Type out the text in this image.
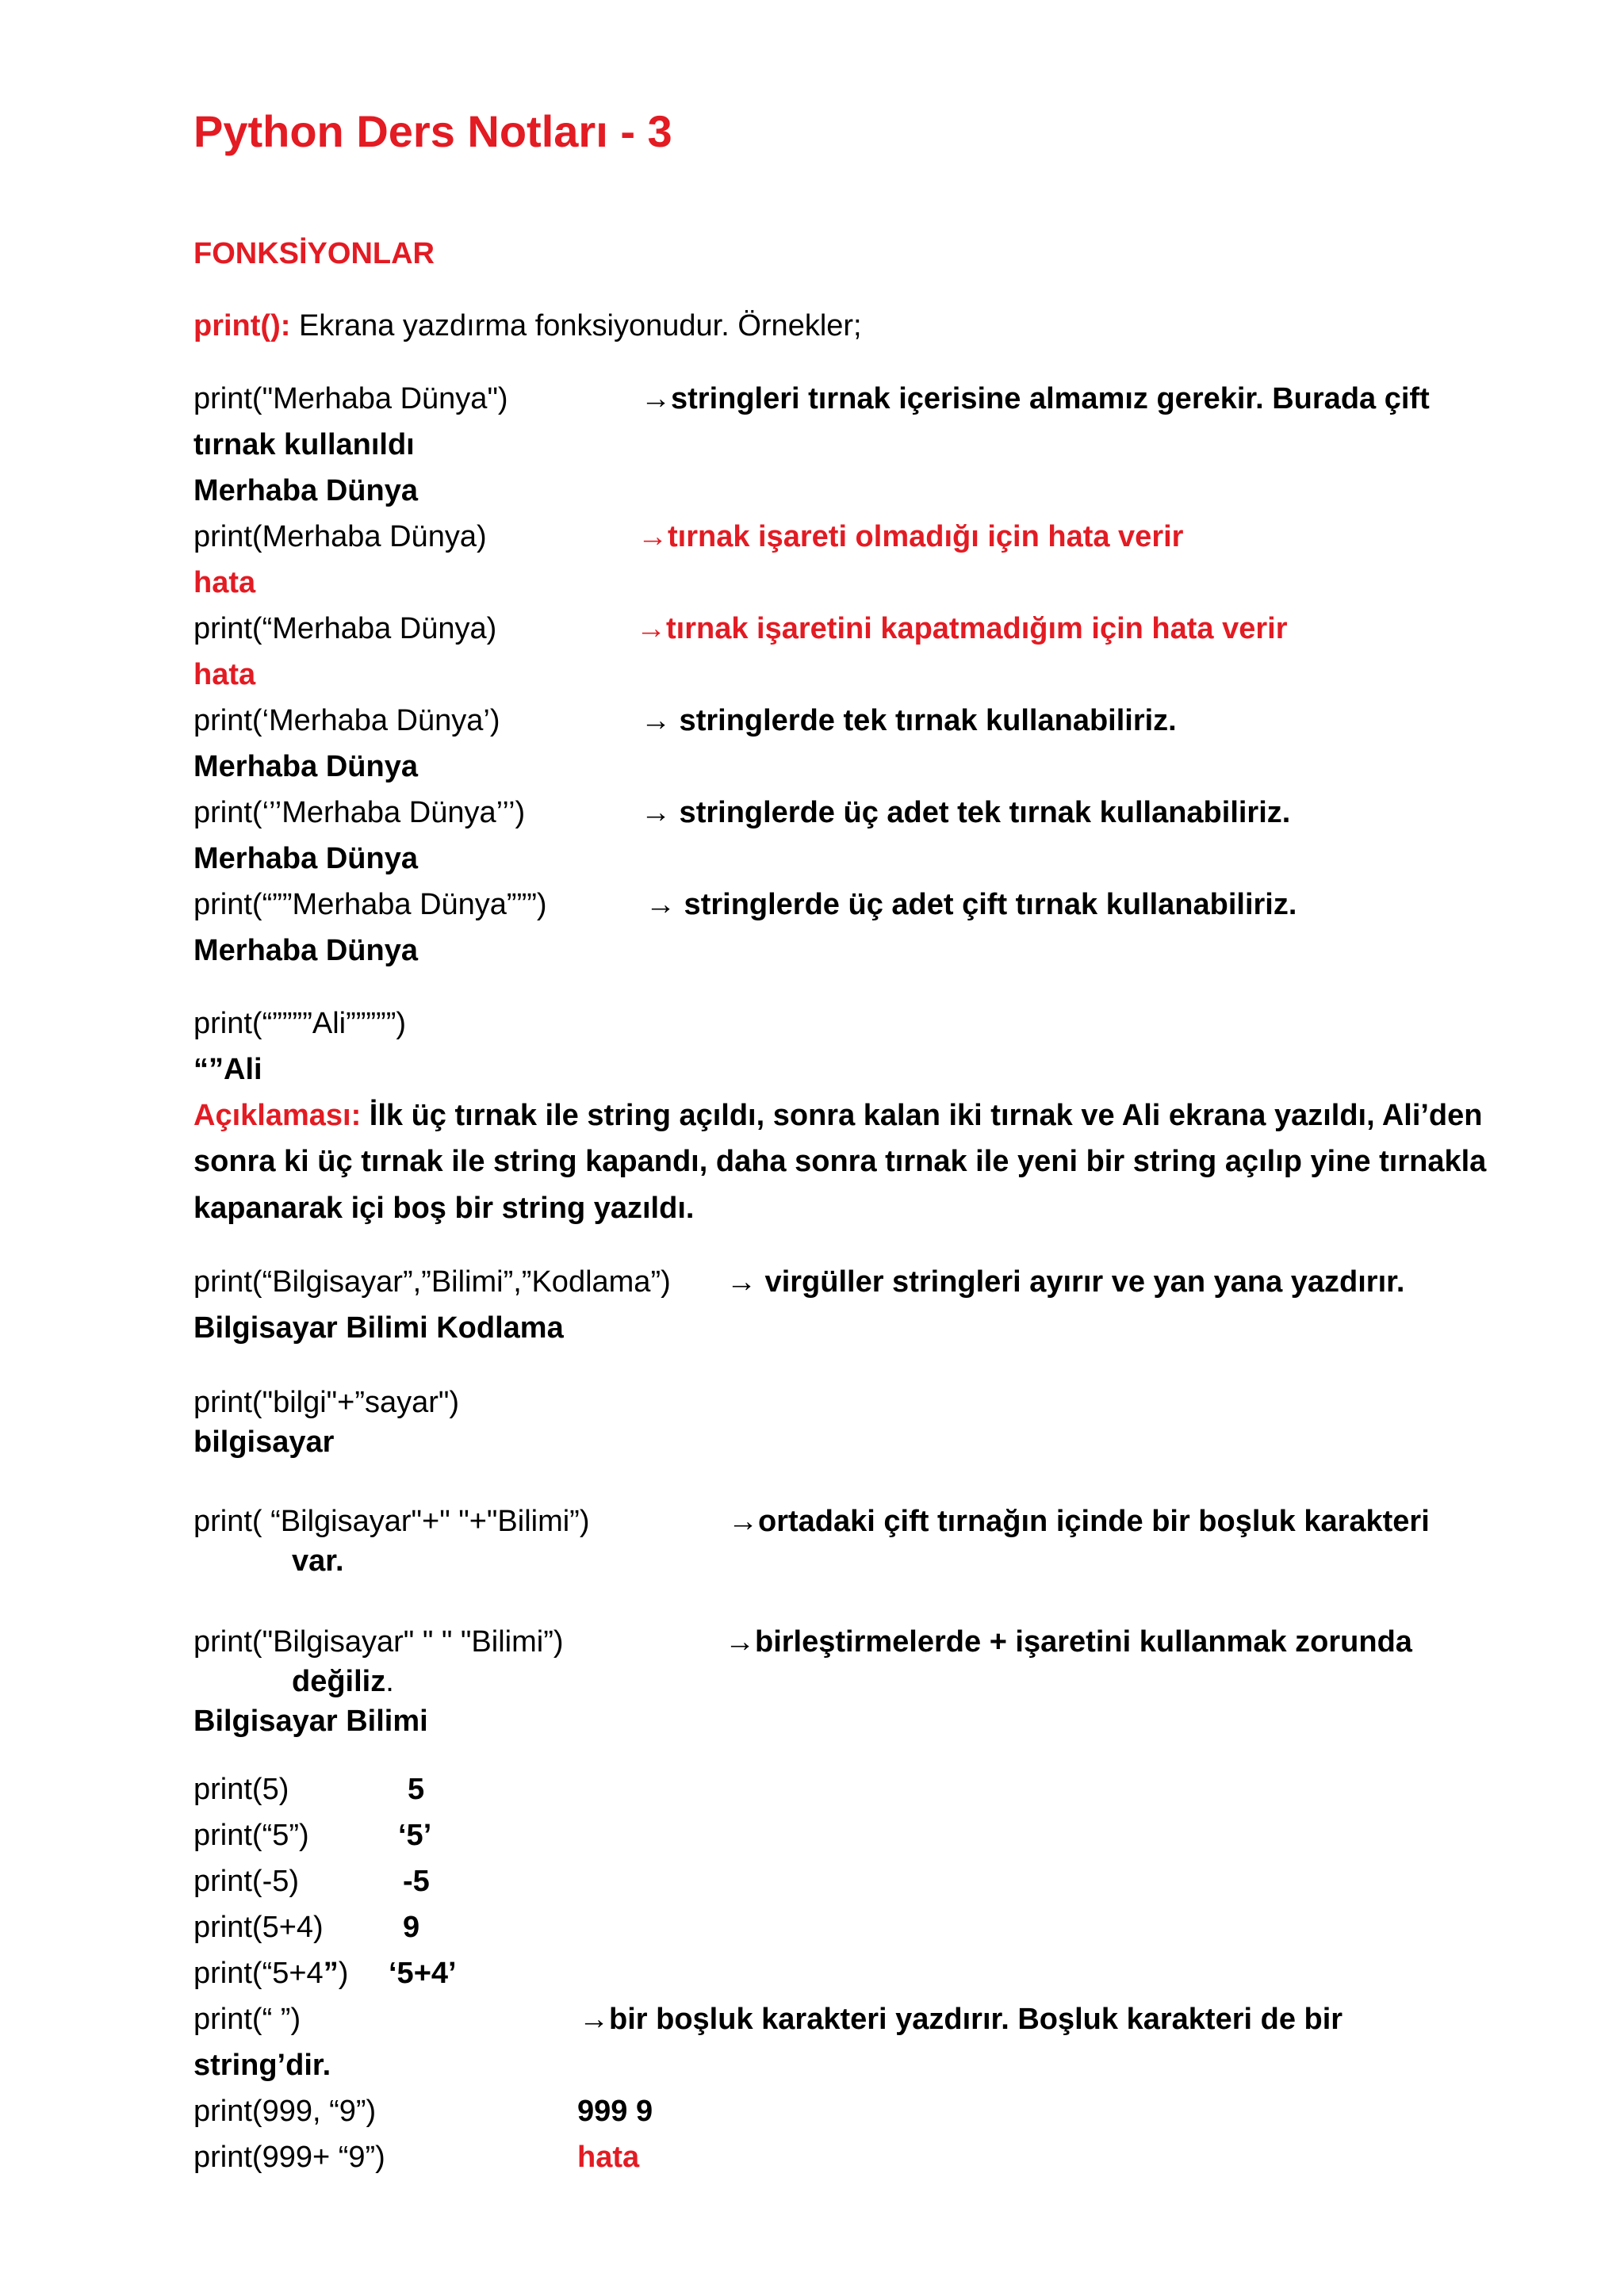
Python Ders Notları - 3
FONKSİYONLAR
print(): Ekrana yazdırma fonksiyonudur. Örnekler;
print("Merhaba Dünya")	→stringleri tırnak içerisine almamız gerekir. Burada çift
tırnak kullanıldı
Merhaba Dünya
print(Merhaba Dünya)	→tırnak işareti olmadığı için hata verir
hata
print(“Merhaba Dünya)	→tırnak işaretini kapatmadığım için hata verir
hata
print(‘Merhaba Dünya’)	→ stringlerde tek tırnak kullanabiliriz.
Merhaba Dünya
print(‘’’Merhaba Dünya’’’)	→ stringlerde üç adet tek tırnak kullanabiliriz.
Merhaba Dünya
print(“””Merhaba Dünya”””)	→ stringlerde üç adet çift tırnak kullanabiliriz.
Merhaba Dünya
print(“””””Ali”””””)
“”Ali
Açıklaması: İlk üç tırnak ile string açıldı, sonra kalan iki tırnak ve Ali ekrana yazıldı, Ali’den
sonra ki üç tırnak ile string kapandı, daha sonra tırnak ile yeni bir string açılıp yine tırnakla
kapanarak içi boş bir string yazıldı.
print(“Bilgisayar”,”Bilimi”,”Kodlama”) → virgüller stringleri ayırır ve yan yana yazdırır.
Bilgisayar Bilimi Kodlama
print("bilgi"+”sayar")
bilgisayar
print( “Bilgisayar"+" "+"Bilimi”)	→ortadaki çift tırnağın içinde bir boşluk karakteri
var.
print("Bilgisayar" " " "Bilimi”)	→birleştirmelerde + işaretini kullanmak zorunda
değiliz.
Bilgisayar Bilimi
print(5)	5
print(“5”)	‘5’
print(-5)	-5
print(5+4)	9
print(“5+4”) ‘5+4’
print(“ ”)	→bir boşluk karakteri yazdırır. Boşluk karakteri de bir
string’dir.
print(999, “9”)	999 9
print(999+ “9”)	hata
